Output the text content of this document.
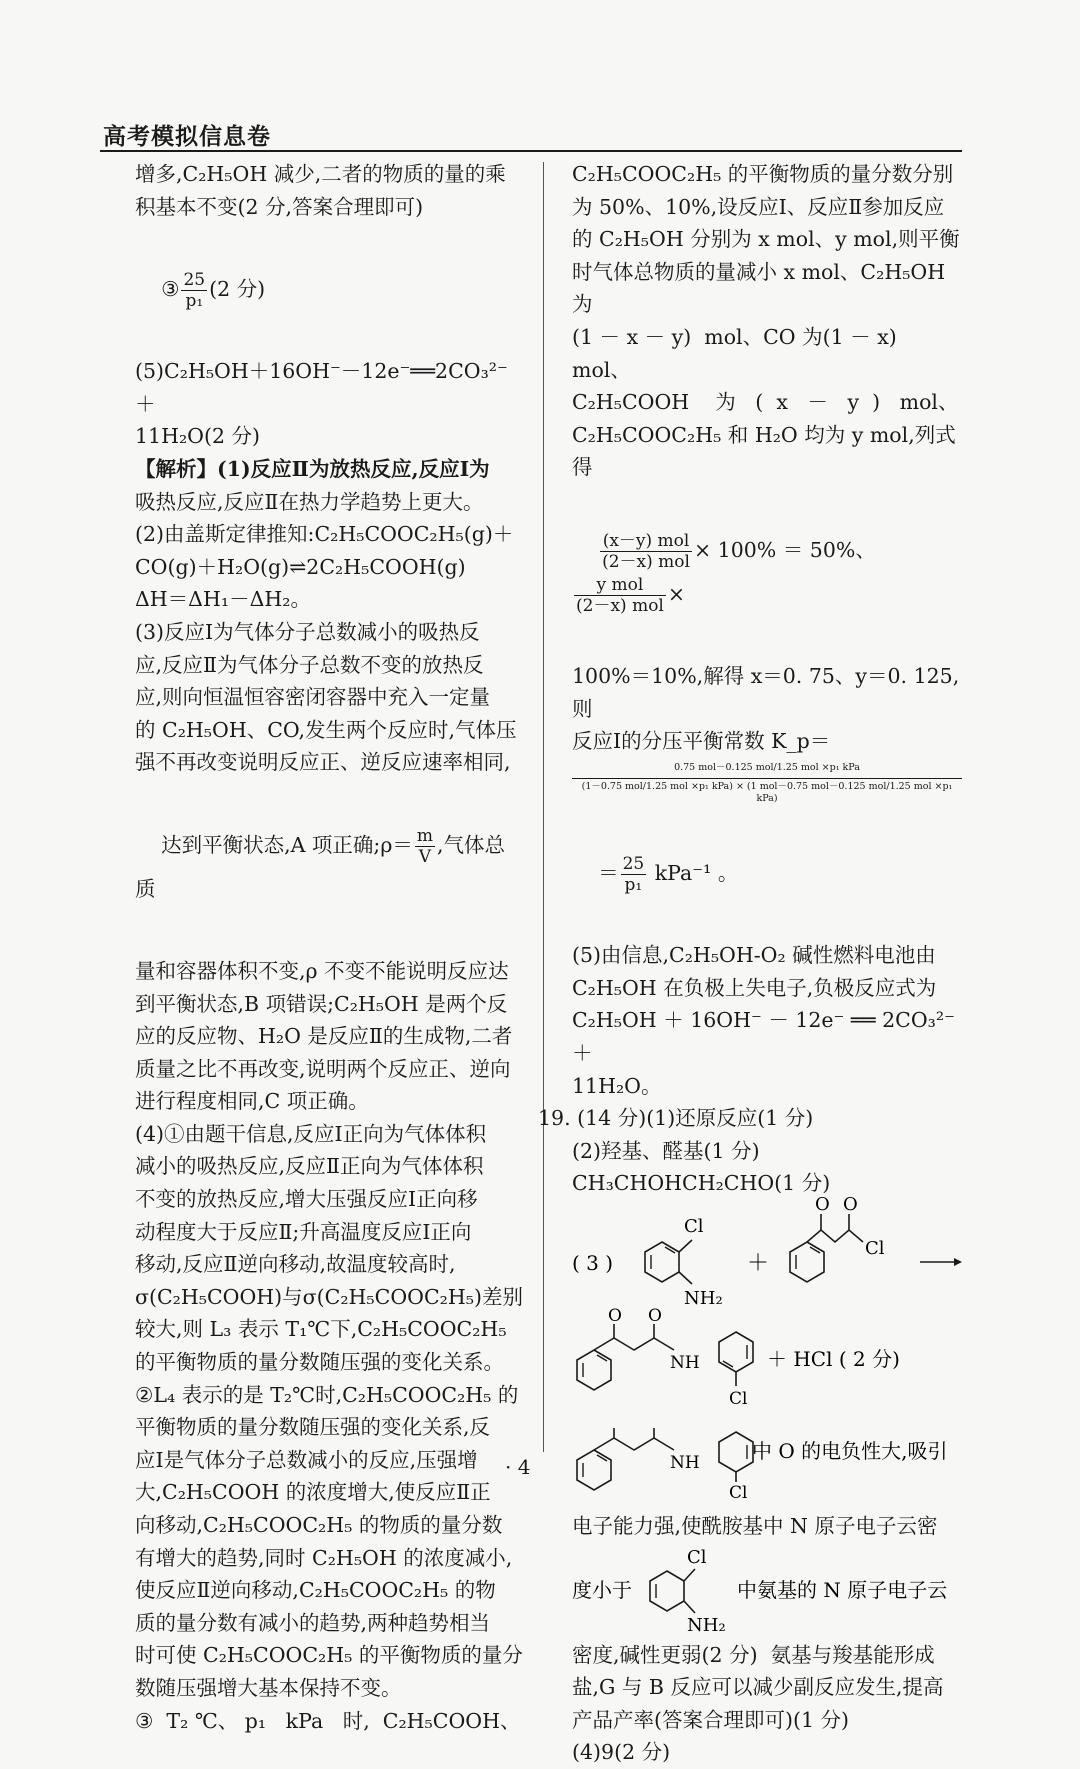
高考模拟信息卷
增多,C₂H₅OH 减少,二者的物质的量的乘
积基本不变(2 分,答案合理即可)

③ $\frac{25}{\text{p₁}} (2$ 分)

(5)C₂H₅OH＋16OH⁻－12e⁻══2CO₃²⁻＋
11H₂O(2 分)
【解析】(1)反应Ⅱ为放热反应,反应Ⅰ为
吸热反应,反应Ⅱ在热力学趋势上更大。
(2)由盖斯定律推知:C₂H₅COOC₂H₅(g)＋
CO(g)＋H₂O(g)⇌2C₂H₅COOH(g)
ΔH＝ΔH₁－ΔH₂。
(3)反应Ⅰ为气体分子总数减小的吸热反
应,反应Ⅱ为气体分子总数不变的放热反
应,则向恒温恒容密闭容器中充入一定量
的 C₂H₅OH、CO,发生两个反应时,气体压
强不再改变说明反应正、逆反应速率相同,

达到平衡状态,A 项正确;ρ＝ $\frac{m}{V}$ ,气体总质

量和容器体积不变,ρ 不变不能说明反应达
到平衡状态,B 项错误;C₂H₅OH 是两个反
应的反应物、H₂O 是反应Ⅱ的生成物,二者
质量之比不再改变,说明两个反应正、逆向
进行程度相同,C 项正确。
(4)①由题干信息,反应Ⅰ正向为气体体积
减小的吸热反应,反应Ⅱ正向为气体体积
不变的放热反应,增大压强反应Ⅰ正向移
动程度大于反应Ⅱ;升高温度反应Ⅰ正向
移动,反应Ⅱ逆向移动,故温度较高时,
σ(C₂H₅COOH)与σ(C₂H₅COOC₂H₅)差别
较大,则 L₃ 表示 T₁℃下,C₂H₅COOC₂H₅
的平衡物质的量分数随压强的变化关系。
②L₄ 表示的是 T₂℃时,C₂H₅COOC₂H₅ 的
平衡物质的量分数随压强的变化关系,反
应Ⅰ是气体分子总数减小的反应,压强增
大,C₂H₅COOH 的浓度增大,使反应Ⅱ正
向移动,C₂H₅COOC₂H₅ 的物质的量分数
有增大的趋势,同时 C₂H₅OH 的浓度减小,
使反应Ⅱ逆向移动,C₂H₅COOC₂H₅ 的物
质的量分数有减小的趋势,两种趋势相当
时可使 C₂H₅COOC₂H₅ 的平衡物质的量分
数随压强增大基本保持不变。
③  T₂ ℃、 p₁   kPa   时,  C₂H₅COOH、
C₂H₅COOC₂H₅ 的平衡物质的量分数分别
为 50%、10%,设反应Ⅰ、反应Ⅱ参加反应
的 C₂H₅OH 分别为 x mol、y mol,则平衡
时气体总物质的量减小 x mol、C₂H₅OH 为
(1 － x － y)  mol、CO 为(1 － x)  mol、
C₂H₅COOH    为   (  x   －   y  )   mol、
C₂H₅COOC₂H₅ 和 H₂O 均为 y mol,列式得

$\frac{\text{(x－y) mol}}{\text{(2－x) mol}} \times 100\% = 50\%$、
$\frac{\text{y mol}}{\text{(2－x) mol}}$ ×

100%＝10%,解得 x＝0. 75、y＝0. 125,则
反应Ⅰ的分压平衡常数 K_p＝
0.75 mol－0.125 mol/1.25 mol ×p₁ kPa
(1－0.75 mol/1.25 mol ×p₁ kPa) × (1 mol－0.75 mol－0.125 mol/1.25 mol ×p₁ kPa)

＝ $\frac{25}{\text{p₁}} kPa^{-1}$ 。

(5)由信息,C₂H₅OH-O₂ 碱性燃料电池由
C₂H₅OH 在负极上失电子,负极反应式为
C₂H₅OH ＋ 16OH⁻ － 12e⁻ ══ 2CO₃²⁻ ＋
11H₂O。
19. (14 分)(1)还原反应(1 分)
(2)羟基、醛基(1 分)
CH₃CHOHCH₂CHO(1 分)
( 3 )
Cl
NH₂
＋
O O
Cl
O O
NH
Cl
＋ HCl ( 2 分)
NH
Cl
中 O 的电负性大,吸引
电子能力强,使酰胺基中 N 原子电子云密
度小于
Cl
NH₂
中氨基的 N 原子电子云
密度,碱性更弱(2 分)  氨基与羧基能形成
盐,G 与 B 反应可以减少副反应发生,提高
产品产率(答案合理即可)(1 分)
(4)9(2 分)
· 4
